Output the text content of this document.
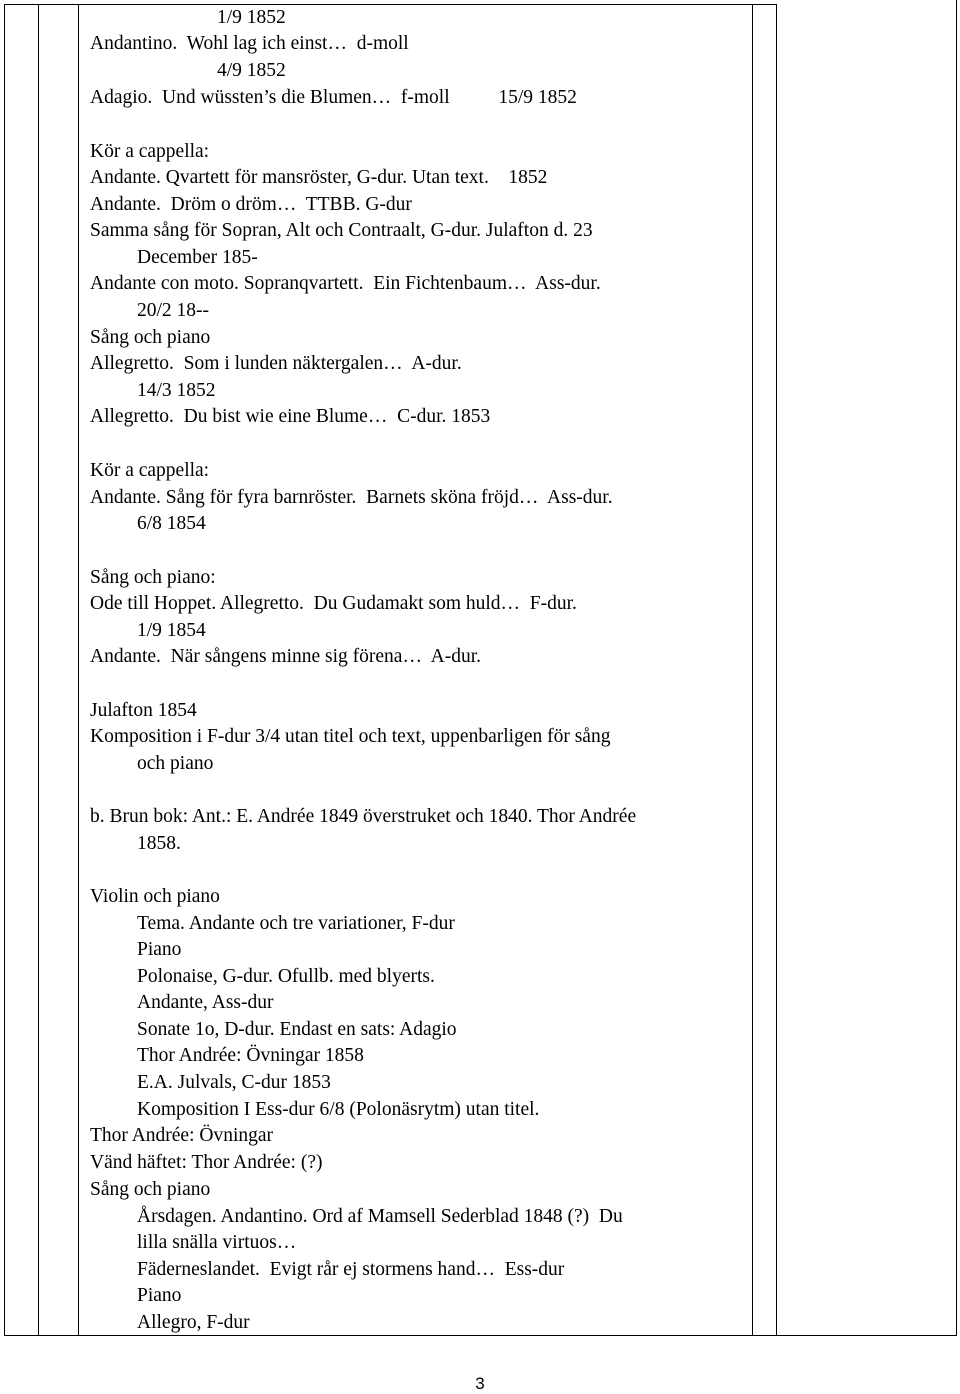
1/9 1852
Andantino.  Wohl lag ich einst…  d-moll
4/9 1852
Adagio.  Und wüssten’s die Blumen…  f-moll          15/9 1852
Kör a cappella:
Andante. Qvartett för mansröster, G-dur. Utan text.    1852
Andante.  Dröm o dröm…  TTBB. G-dur
Samma sång för Sopran, Alt och Contraalt, G-dur. Julafton d. 23
December 185-
Andante con moto. Sopranqvartett.  Ein Fichtenbaum…  Ass-dur.
20/2 18--
Sång och piano
Allegretto.  Som i lunden näktergalen…  A-dur.
14/3 1852
Allegretto.  Du bist wie eine Blume…  C-dur. 1853
Kör a cappella:
Andante. Sång för fyra barnröster.  Barnets sköna fröjd…  Ass-dur.
6/8 1854
Sång och piano:
Ode till Hoppet. Allegretto.  Du Gudamakt som huld…  F-dur.
1/9 1854
Andante.  När sångens minne sig förena…  A-dur.
Julafton 1854
Komposition i F-dur 3/4 utan titel och text, uppenbarligen för sång
och piano
b. Brun bok: Ant.: E. Andrée 1849 överstruket och 1840. Thor Andrée
1858.
Violin och piano
Tema. Andante och tre variationer, F-dur
Piano
Polonaise, G-dur. Ofullb. med blyerts.
Andante, Ass-dur
Sonate 1o, D-dur. Endast en sats: Adagio
Thor Andrée: Övningar 1858
E.A. Julvals, C-dur 1853
Komposition I Ess-dur 6/8 (Polonäsrytm) utan titel.
Thor Andrée: Övningar
Vänd häftet: Thor Andrée: (?)
Sång och piano
Årsdagen. Andantino. Ord af Mamsell Sederblad 1848 (?)  Du
lilla snälla virtuos…
Fäderneslandet.  Evigt rår ej stormens hand…  Ess-dur
Piano
Allegro, F-dur
3
